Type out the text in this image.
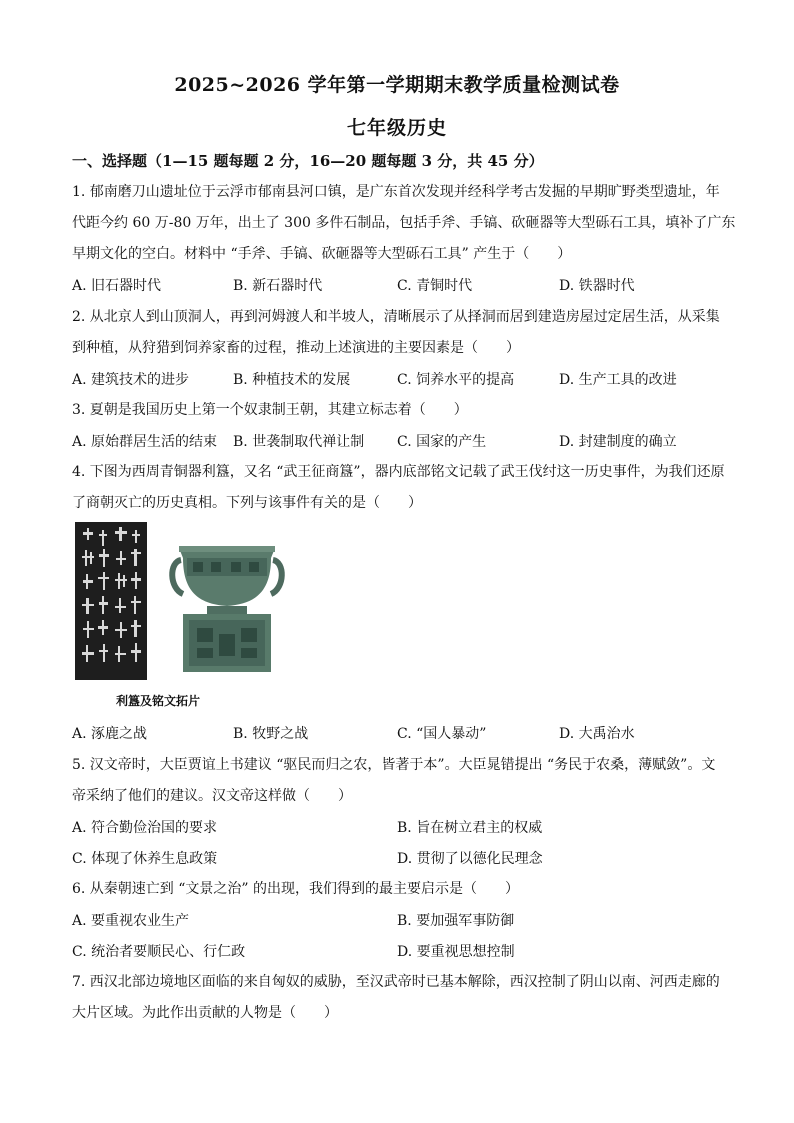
2025~2026 学年第一学期期末教学质量检测试卷
七年级历史
一、选择题（1—15 题每题 2 分，16—20 题每题 3 分，共 45 分）
1. 郁南磨刀山遗址位于云浮市郁南县河口镇，是广东首次发现并经科学考古发掘的早期旷野类型遗址，年
代距今约 60 万-80 万年，出土了 300 多件石制品，包括手斧、手镐、砍砸器等大型砾石工具，填补了广东
早期文化的空白。材料中 “手斧、手镐、砍砸器等大型砾石工具” 产生于（　　）
A. 旧石器时代	B. 新石器时代	C. 青铜时代	D. 铁器时代
2. 从北京人到山顶洞人，再到河姆渡人和半坡人，清晰展示了从择洞而居到建造房屋过定居生活，从采集
到种植，从狩猎到饲养家畜的过程，推动上述演进的主要因素是（　　）
A. 建筑技术的进步	B. 种植技术的发展	C. 饲养水平的提高	D. 生产工具的改进
3. 夏朝是我国历史上第一个奴隶制王朝，其建立标志着（　　）
A. 原始群居生活的结束 B. 世袭制取代禅让制 C. 国家的产生	D. 封建制度的确立
4. 下图为西周青铜器利簋，又名 “武王征商簋”，器内底部铭文记载了武王伐纣这一历史事件，为我们还原
了商朝灭亡的历史真相。下列与该事件有关的是（　　）
利簋及铭文拓片
A. 涿鹿之战	B. 牧野之战	C. “国人暴动”	D. 大禹治水
5. 汉文帝时，大臣贾谊上书建议 “驱民而归之农，皆著于本”。大臣晁错提出 “务民于农桑，薄赋敛”。文
帝采纳了他们的建议。汉文帝这样做（　　）
A. 符合勤俭治国的要求	B. 旨在树立君主的权威
C. 体现了休养生息政策	D. 贯彻了以德化民理念
6. 从秦朝速亡到 “文景之治” 的出现，我们得到的最主要启示是（　　）
A. 要重视农业生产	B. 要加强军事防御
C. 统治者要顺民心、行仁政	D. 要重视思想控制
7. 西汉北部边境地区面临的来自匈奴的威胁，至汉武帝时已基本解除，西汉控制了阴山以南、河西走廊的
大片区域。为此作出贡献的人物是（　　）
